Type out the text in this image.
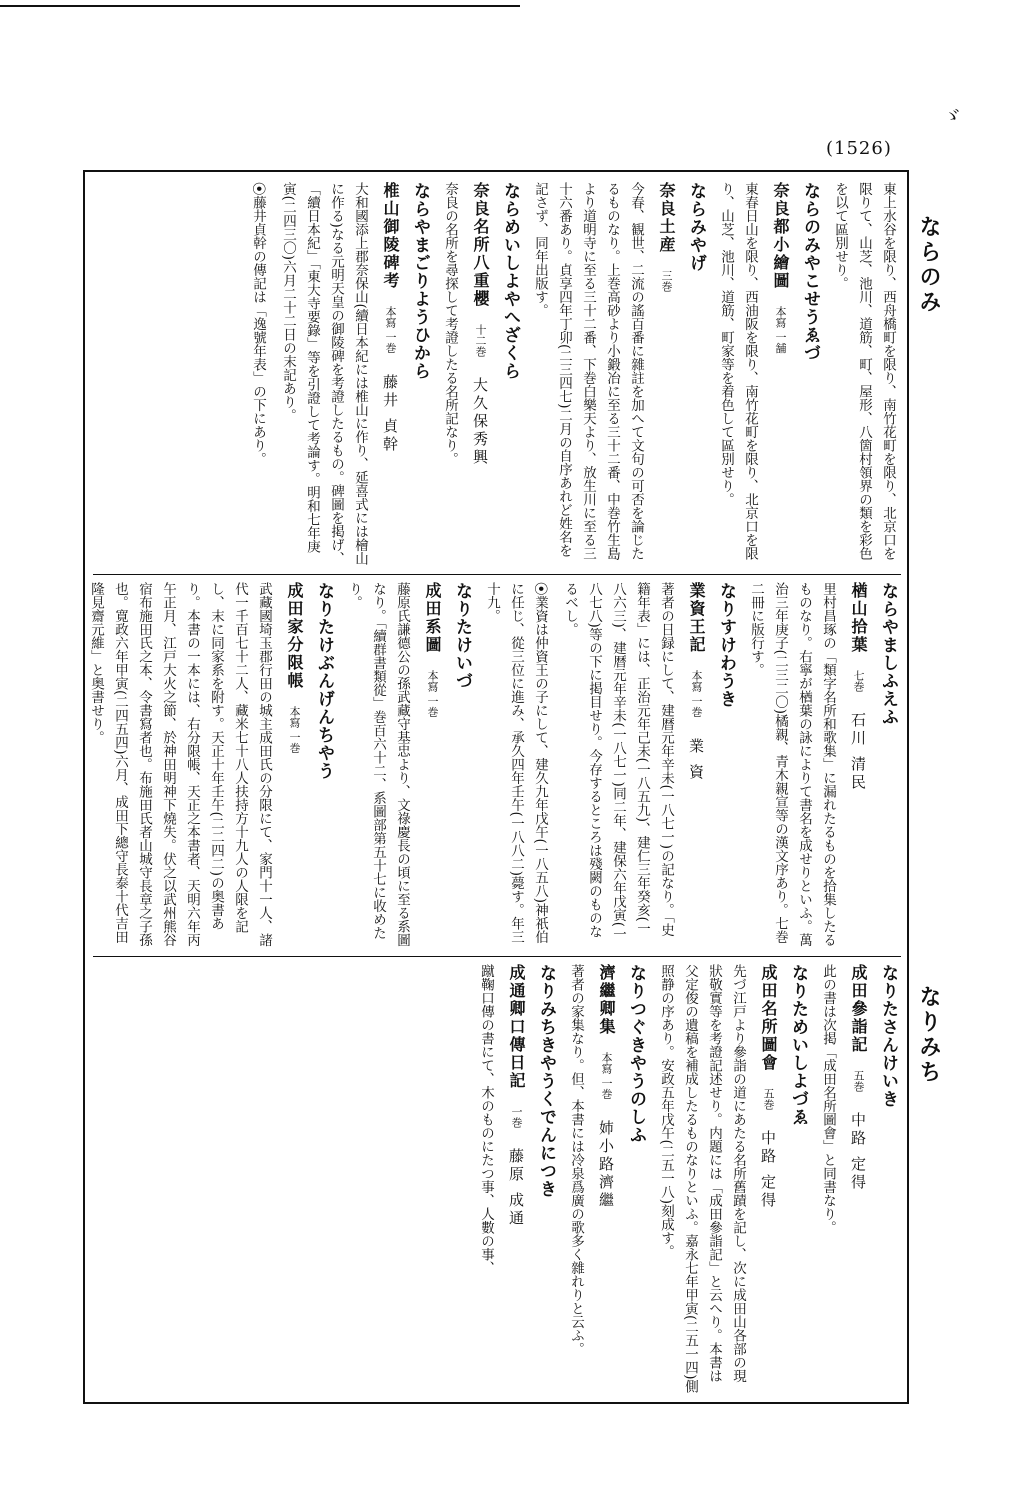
ゞ
(1526)
ならのみ
なりみち
東上水谷を限り、西舟橋町を限り、南竹花町を限り、北京口を限りて、山芝、池川、道筋、町、屋形、八箇村領界の類を彩色を以て區別せり。
ならのみやこせうゑづ
奈良都小繪圖本寫 一舗
東春日山を限り、西油阪を限り、南竹花町を限り、北京口を限り、山芝、池川、道筋、町家等を着色して區別せり。
ならみやげ
奈良土産三巻
今春、観世、二流の謠百番に雜註を加へて文句の可否を論じたるものなり。上巻高砂より小鍛冶に至る三十二番、中巻竹生島より道明寺に至る三十二番、下巻白樂天より、放生川に至る三十六番あり。貞享四年丁卯(二三四七)二月の自序あれど姓名を記さず、同年出版す。
ならめいしよやへざくら
奈良名所八重櫻十二巻大久保秀興
奈良の名所を尋探して考證したる名所記なり。
ならやまごりようひから
椎山御陵碑考本寫 一巻藤井 貞幹
大和國添上郡奈保山(續日本紀には椎山に作り、延喜式には檜山に作る)なる元明天皇の御陵碑を考證したるもの。碑圖を掲げ、「續日本紀」「東大寺要錄」等を引證して考論す。明和七年庚寅(二四三〇)六月二十二日の末記あり。
⦿藤井貞幹の傳記は「逸號年表」の下にあり。
ならやましふえふ
楢山拾葉七巻石川 清民
里村昌琢の「類字名所和歌集」に漏れたるものを拾集したるものなり。右寧が楢葉の詠によりて書名を成せりといふ。萬治三年庚子(二三二〇)橘親、青木親宣等の漢文序あり。七巻二冊に版行す。
なりすけわうき
業資王記本寫 一巻業 資
著者の日録にして、建暦元年辛未(一八七一)の記なり。「史籍年表」には、正治元年己未(一八五九)、建仁三年癸亥(一八六三)、建暦元年辛未(一八七一)同二年、建保六年戊寅(一八七八)等の下に掲目せり。今存するところは殘闕のものなるべし。
⦿業資は仲資王の子にして、建久九年戊午(一八五八)神祇伯に任じ、從三位に進み、承久四年壬午(一八八二)薨す。年三十九。
なりたけいづ
成田系圖本寫 一巻
藤原氏謙德公の孫武藏守基忠より、文祿慶長の頃に至る系圖なり。「續群書類從」巻百六十二、系圖部第五十七に收めたり。
なりたけぶんげんちやう
成田家分限帳本寫 一巻
武藏國埼玉郡行田の城主成田氏の分限にて、家門十一人、諸代一千百七十二人、藏米七十八人扶持方十九人の人限を記し、末に同家系を附す。天正十年壬午(二二四二)の奥書あり。本書の一本には、右分限帳、天正之本書者、天明六年丙午正月、江戸大火之節、於神田明神下燒失。伏之以武州熊谷宿布施田氏之本、令書寫者也。布施田氏者山城守長章之子孫也。寛政六年甲寅(二四五四)六月、成田下總守長泰十代吉田隆見齋元維」と奥書せり。
なりたさんけいき
成田參詣記五巻中路 定得
此の書は次掲「成田名所圖會」と同書なり。
なりためいしよづゑ
成田名所圖會五巻中路 定得
先づ江戸より參詣の道にあたる名所舊蹟を記し、次に成田山各部の現狀敬實等を考證記述せり。内題には「成田參詣記」と云へり。本書は父定俊の遺稿を補成したるものなりといふ。嘉永七年甲寅(二五一四)側照静の序あり。安政五年戊午(二五一八)刻成す。
なりつぐきやうのしふ
濟繼卿集本寫 一巻姉小路濟繼
著者の家集なり。但、本書には冷泉爲廣の歌多く雜れりと云ふ。
なりみちきやうくでんにつき
成通卿口傳日記一巻藤原 成通
蹴鞠口傳の書にて、木のものにたつ事、人數の事、
